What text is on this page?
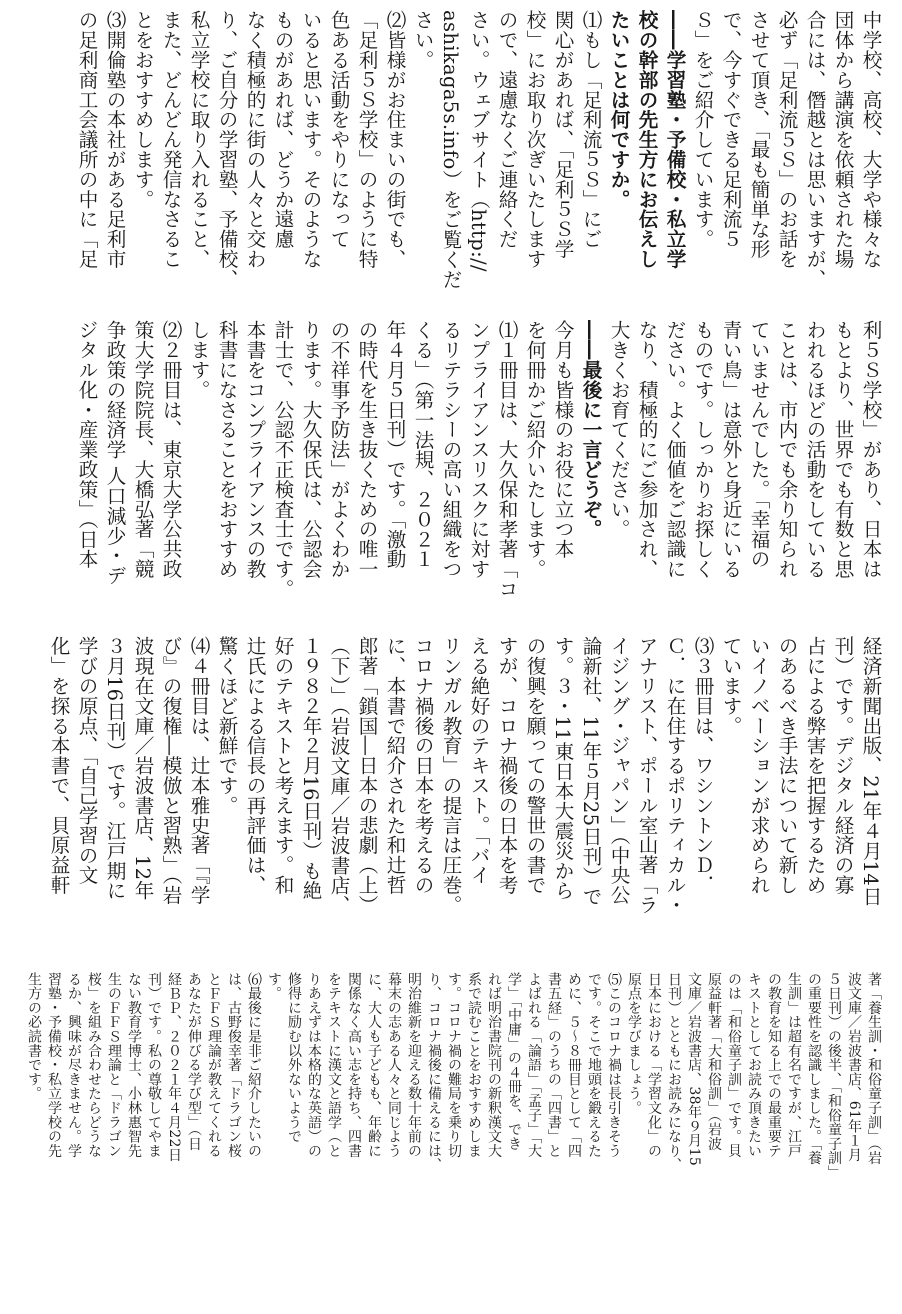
中学校、高校、大学や様々な

団体から講演を依頼された場

合には、僭越とは思いますが、

必ず「足利流５Ｓ」のお話を

させて頂き、「最も簡単な形

で、今すぐできる足利流５

Ｓ」をご紹介しています。

――学習塾・予備校・私立学

校の幹部の先生方にお伝えし

たいことは何ですか。

⑴もし「足利流５Ｓ」にご

関心があれば、「足利５Ｓ学

校」にお取り次ぎいたします

ので、遠慮なくご連絡くだ

さい。ウェブサイト（http://

ashikaga5s.info）をご覧くだ

さい。

⑵皆様がお住まいの街でも、

「足利５Ｓ学校」のように特

色ある活動をやりになって

いると思います。そのような

ものがあれば、どうか遠慮

なく積極的に街の人々と交わ

り、ご自分の学習塾、予備校、

私立学校に取り入れること、

また、どんどん発信なさるこ

とをおすすめします。

⑶開倫塾の本社がある足利市

の足利商工会議所の中に「足

利５Ｓ学校」があり、日本は

もとより、世界でも有数と思

われるほどの活動をしている

ことは、市内でも余り知られ

ていませんでした。「幸福の

青い鳥」は意外と身近にいる

ものです。しっかりお探しく

ださい。よく価値をご認識に

なり、積極的にご参加され、

大きくお育てください。

――最後に一言どうぞ。

今月も皆様のお役に立つ本

を何冊かご紹介いたします。

⑴１冊目は、大久保和孝著「コ

ンプライアンスリスクに対す

るリテラシーの高い組織をつ

くる」（第一法規、２０２１

年４月５日刊）です。「激動

の時代を生き抜くための唯一

の不祥事予防法」がよくわか

ります。大久保氏は、公認会

計士で、公認不正検査士です。

本書をコンプライアンスの教

科書になさることをおすすめ

します。

⑵２冊目は、東京大学公共政

策大学院院長、大橋弘著「競

争政策の経済学 人口減少・デ

ジタル化・産業政策」（日本

経済新聞出版、21年４月14日

刊）です。デジタル経済の寡

占による弊害を把握するため

のあるべき手法について新し

いイノベーションが求められ

ています。

⑶３冊目は、ワシントンＤ．

Ｃ．に在住するポリティカル・

アナリスト、ポール室山著「ラ

イジング・ジャパン」（中央公

論新社、11年５月25日刊）で

す。３・11東日本大震災から

の復興を願っての警世の書で

すが、コロナ禍後の日本を考

える絶好のテキスト。「バイ

リンガル教育」の提言は圧巻。

コロナ禍後の日本を考えるの

に、本書で紹介された和辻哲

郎著「鎖国―日本の悲劇（上）

（下）」（岩波文庫／岩波書店、

１９８２年２月16日刊）も絶

好のテキストと考えます。和

辻氏による信長の再評価は、

驚くほど新鮮です。

⑷４冊目は、辻本雅史著「『学

び』の復権―模倣と習熟」（岩

波現在文庫／岩波書店、12年

３月16日刊）です。江戸期に

学びの原点、「自己学習の文

化」を探る本書で、貝原益軒

著「養生訓・和俗童子訓」（岩

波文庫／岩波書店、61年１月

５日刊）の後半、「和俗童子訓」

の重要性を認識しました。「養

生訓」は超有名ですが、江戸

の教育を知る上での最重要テ

キストとしてお読み頂きたい

のは「和俗童子訓」です。貝

原益軒著「大和俗訓」（岩波

文庫／岩波書店、38年９月15

日刊）とともにお読みになり、

日本における「学習文化」の

原点を学びましょう。

⑸このコロナ禍は長引きそう

です。そこで地頭を鍛えるた

めに、５～８冊目として「四

書五経」のうちの「四書」と

よばれる「論語」「孟子」「大

学」「中庸」の４冊を、でき

れば明治書院刊の新釈漢文大

系で読むことをおすすめしま

す。コロナ禍の難局を乗り切

り、コロナ禍後に備えるには、

明治維新を迎える数十年前の

幕末の志ある人々と同じよう

に、大人も子どもも、年齢に

関係なく高い志を持ち、四書

をテキストに漢文と語学（と

りあえずは本格的な英語）の

修得に励む以外ないようで

す。

⑹最後に是非ご紹介したいの

は、古野俊幸著「ドラゴン桜

とＦＦＳ理論が教えてくれる

あなたが伸びる学び型」（日

経ＢＰ、２０２１年４月22日

刊）です。私の尊敬してやま

ない教育学博士、小林惠智先

生のＦＦＳ理論と「ドラゴン

桜」を組み合わせたらどうな

るか、興味が尽きません。学

習塾・予備校・私立学校の先

生方の必読書です。
